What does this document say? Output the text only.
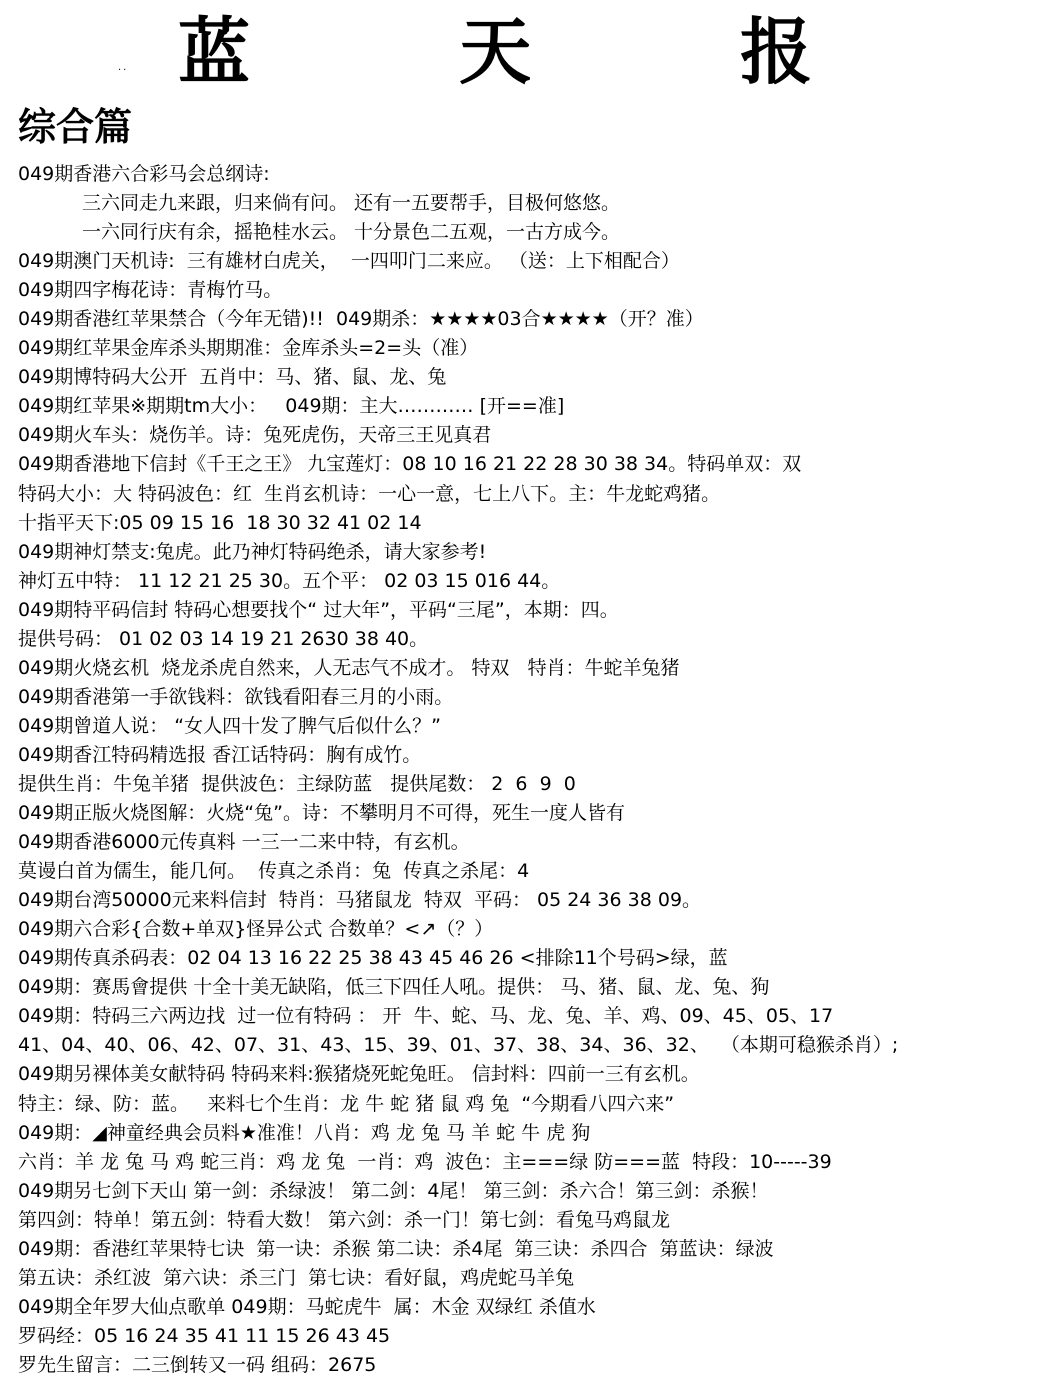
.. 蓝 天 报
综合篇
049期香港六合彩马会总纲诗:
三六同走九来跟，归来倘有问。 还有一五要帮手，目极何悠悠。
一六同行庆有余，摇艳桂水云。 十分景色二五观，一古方成今。
049期澳门天机诗:  三有雄材白虎关，  一四叩门二来应。 （送：上下相配合）
049期四字梅花诗：青梅竹马。
049期香港红苹果禁合（今年无错)!!  049期杀：★★★★03合★★★★（开？准）
049期红苹果金库杀头期期准：金库杀头=2=头（准）
049期博特码大公开  五肖中：马、猪、鼠、龙、兔
049期红苹果※期期tm大小：   049期：主大………… [开==准]
049期火车头：烧伤羊。诗：兔死虎伤，天帝三王见真君
049期香港地下信封《千王之王》 九宝莲灯：08 10 16 21 22 28 30 38 34。特码单双：双
特码大小：大 特码波色：红  生肖玄机诗：一心一意，七上八下。主：牛龙蛇鸡猪。
十指平天下:05 09 15 16  18 30 32 41 02 14
049期神灯禁支:兔虎。此乃神灯特码绝杀，请大家参考!
神灯五中特： 11 12 21 25 30。五个平： 02 03 15 016 44。
049期特平码信封 特码心想要找个“ 过大年”，平码“三尾”，本期：四。
提供号码： 01 02 03 14 19 21 2630 38 40。
049期火烧玄机  烧龙杀虎自然来，人无志气不成才。 特双   特肖：牛蛇羊兔猪
049期香港第一手欲钱料：欲钱看阳春三月的小雨。
049期曾道人说： “女人四十发了脾气后似什么？”
049期香江特码精选报 香江话特码：胸有成竹。
提供生肖：牛兔羊猪  提供波色：主绿防蓝   提供尾数： 2  6  9  0
049期正版火烧图解：火烧“兔”。诗：不攀明月不可得，死生一度人皆有
049期香港6000元传真料 一三一二来中特，有玄机。
莫谩白首为儒生，能几何。  传真之杀肖：兔  传真之杀尾：4
049期台湾50000元来料信封  特肖：马猪鼠龙  特双  平码： 05 24 36 38 09。
049期六合彩{合数+单双}怪异公式 合数单？<↗（？）
049期传真杀码表：02 04 13 16 22 25 38 43 45 46 26 <排除11个号码>绿，蓝
049期：赛馬會提供 十全十美无缺陷，低三下四任人吼。提供： 马、猪、鼠、龙、兔、狗
049期：特码三六两边找  过一位有特码 ： 开  牛、蛇、马、龙、兔、羊、鸡、09、45、05、17
41、04、40、06、42、07、31、43、15、39、01、37、38、34、36、32、  （本期可稳猴杀肖）;
049期另裸体美女献特码 特码来料:猴猪烧死蛇兔旺。 信封料：四前一三有玄机。
特主：绿、防：蓝。   来料七个生肖：龙 牛 蛇 猪 鼠 鸡 兔  “今期看八四六来”
049期：◢神童经典会员料★准准！八肖：鸡 龙 兔 马 羊 蛇 牛 虎 狗
六肖：羊 龙 兔 马 鸡 蛇三肖：鸡 龙 兔  一肖：鸡  波色：主===绿 防===蓝  特段：10-----39
049期另七剑下天山 第一剑：杀绿波！ 第二剑：4尾！ 第三剑：杀六合！第三剑：杀猴！
第四剑：特单！第五剑：特看大数！ 第六剑：杀一门！第七剑：看兔马鸡鼠龙
049期：香港红苹果特七诀  第一诀：杀猴 第二诀：杀4尾  第三诀：杀四合  第蓝诀：绿波
第五诀：杀红波  第六诀：杀三门  第七诀：看好鼠，鸡虎蛇马羊兔
049期全年罗大仙点歌单 049期：马蛇虎牛  属：木金 双绿红 杀值水
罗码经：05 16 24 35 41 11 15 26 43 45
罗先生留言：二三倒转又一码 组码：2675
